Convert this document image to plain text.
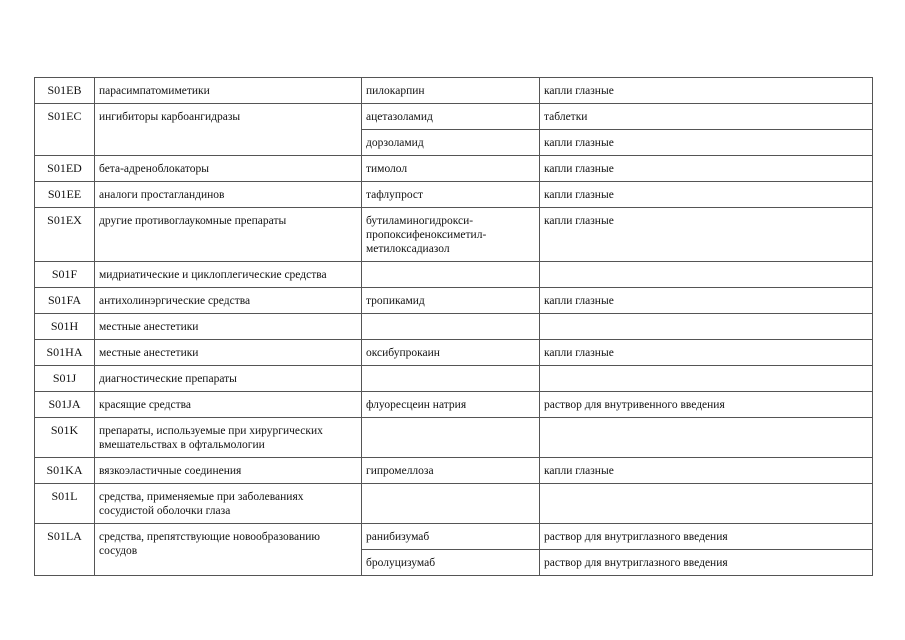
S01EB	парасимпатомиметики	пилокарпин	капли глазные
S01EC	ингибиторы карбоангидразы	ацетазоламид	таблетки
		дорзоламид	капли глазные
S01ED	бета-адреноблокаторы	тимолол	капли глазные
S01EE	аналоги простагландинов	тафлупрост	капли глазные
S01EX	другие противоглаукомные препараты	бутиламиногидрокси-
пропоксифеноксиметил-
метилоксадиазол	капли глазные
S01F	мидриатические и циклоплегические средства		
S01FA	антихолинэргические средства	тропикамид	капли глазные
S01H	местные анестетики		
S01HA	местные анестетики	оксибупрокаин	капли глазные
S01J	диагностические препараты		
S01JA	красящие средства	флуоресцеин натрия	раствор для внутривенного введения
S01K	препараты, используемые при хирургических
вмешательствах в офтальмологии		
S01KA	вязкоэластичные соединения	гипромеллоза	капли глазные
S01L	средства, применяемые при заболеваниях
сосудистой оболочки глаза		
S01LA	средства, препятствующие новообразованию
сосудов	ранибизумаб	раствор для внутриглазного введения
		бролуцизумаб	раствор для внутриглазного введения
